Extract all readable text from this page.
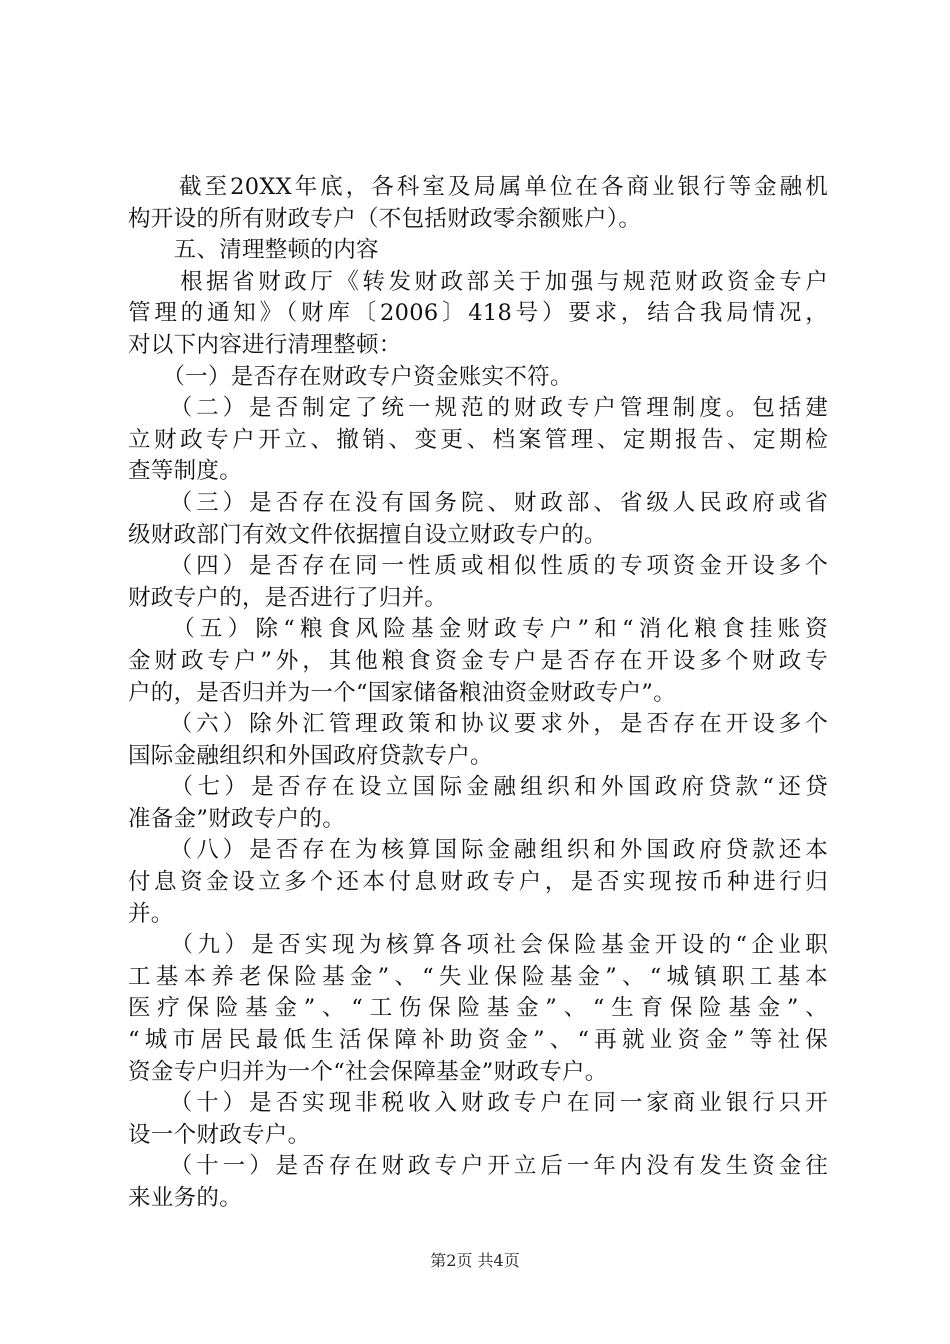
　　截至20XX年底，各科室及局属单位在各商业银行等金融机
构开设的所有财政专户（不包括财政零余额账户）。
　　五、清理整顿的内容
　　根据省财政厅《转发财政部关于加强与规范财政资金专户
管理的通知》（财库〔2006〕418号）要求，结合我局情况，
对以下内容进行清理整顿：
　　（一）是否存在财政专户资金账实不符。
　　（二）是否制定了统一规范的财政专户管理制度。包括建
立财政专户开立、撤销、变更、档案管理、定期报告、定期检
查等制度。
　　（三）是否存在没有国务院、财政部、省级人民政府或省
级财政部门有效文件依据擅自设立财政专户的。
　　（四）是否存在同一性质或相似性质的专项资金开设多个
财政专户的，是否进行了归并。
　　（五）除“粮食风险基金财政专户”和“消化粮食挂账资
金财政专户”外，其他粮食资金专户是否存在开设多个财政专
户的，是否归并为一个“国家储备粮油资金财政专户”。
　　（六）除外汇管理政策和协议要求外，是否存在开设多个
国际金融组织和外国政府贷款专户。
　　（七）是否存在设立国际金融组织和外国政府贷款“还贷
准备金”财政专户的。
　　（八）是否存在为核算国际金融组织和外国政府贷款还本
付息资金设立多个还本付息财政专户，是否实现按币种进行归
并。
　　（九）是否实现为核算各项社会保险基金开设的“企业职
工基本养老保险基金”、“失业保险基金”、“城镇职工基本
医疗保险基金”、“工伤保险基金”、“生育保险基金”、
“城市居民最低生活保障补助资金”、“再就业资金”等社保
资金专户归并为一个“社会保障基金”财政专户。
　　（十）是否实现非税收入财政专户在同一家商业银行只开
设一个财政专户。
　　（十一）是否存在财政专户开立后一年内没有发生资金往
来业务的。
第2页 共4页
